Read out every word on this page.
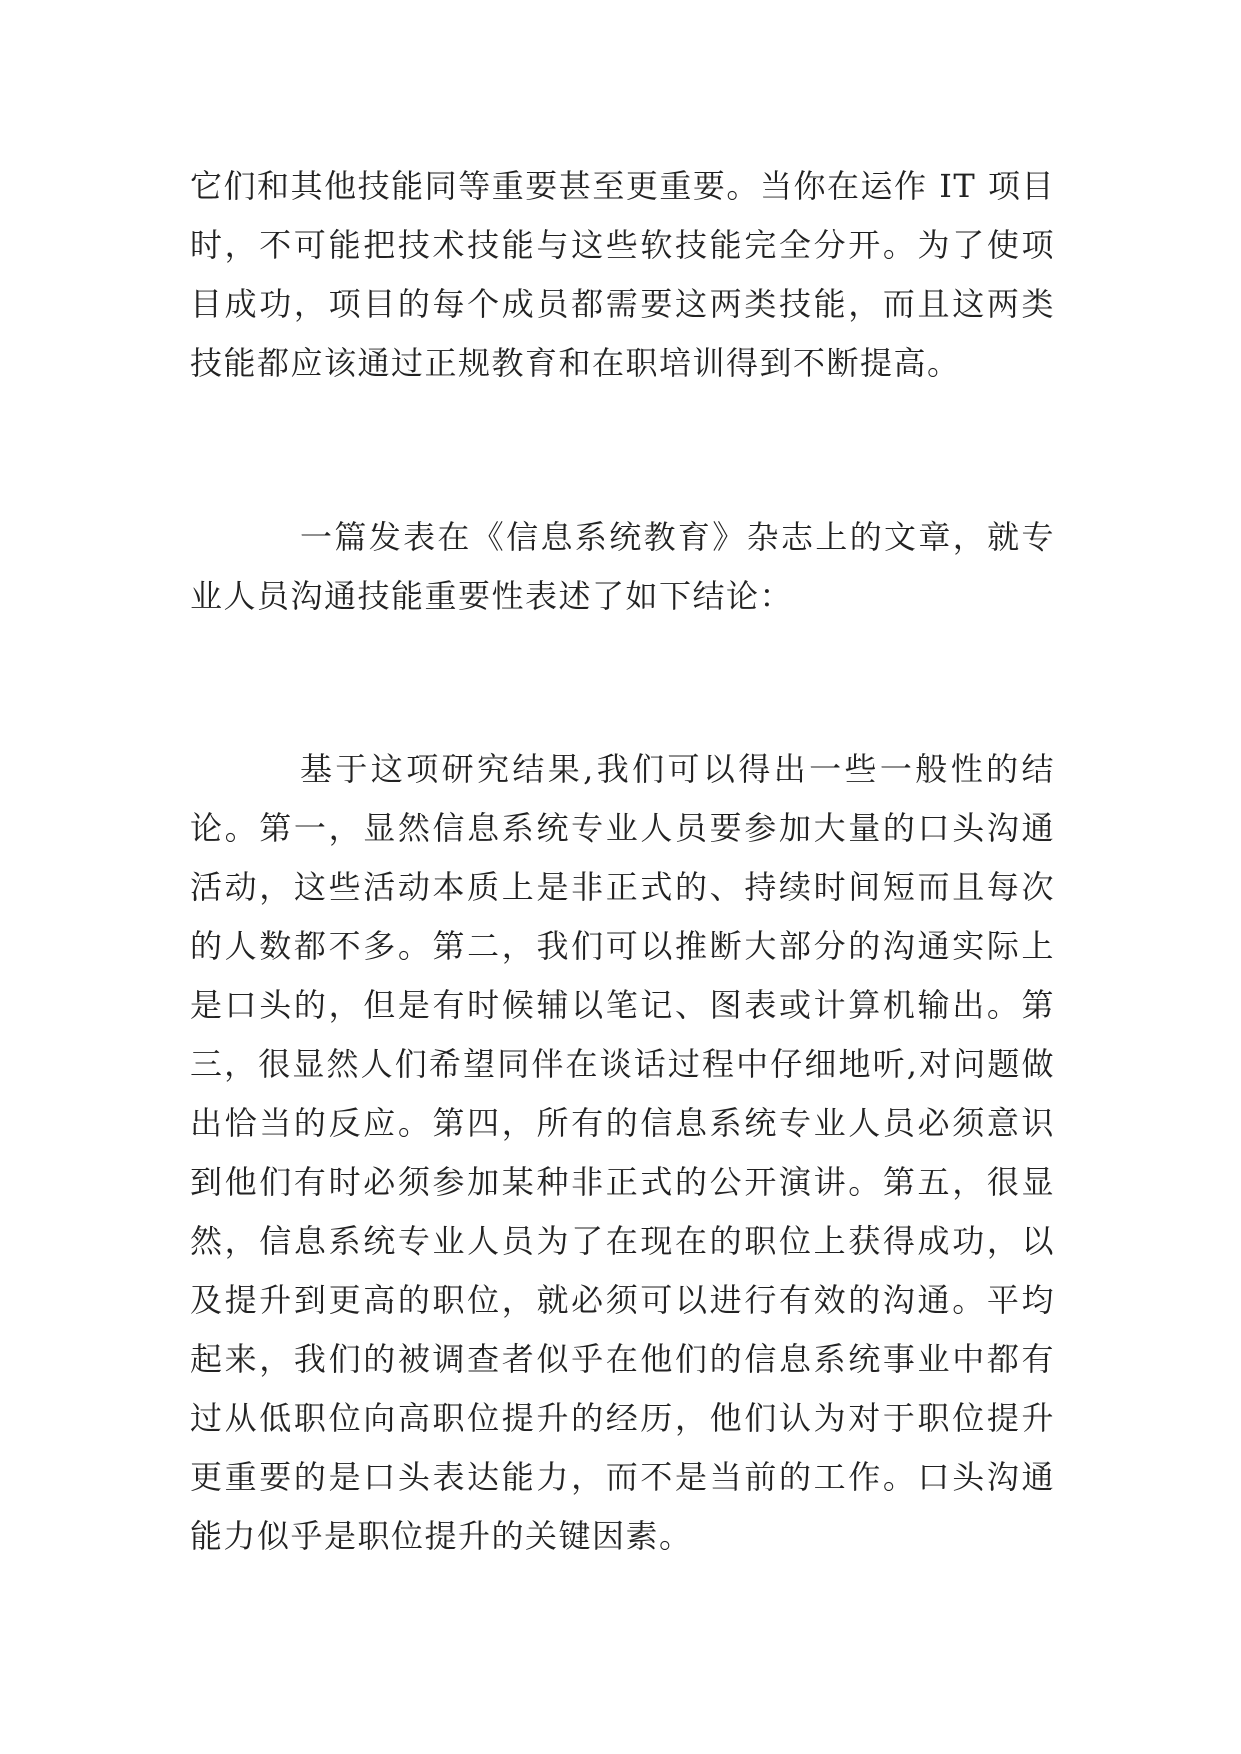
它们和其他技能同等重要甚至更重要。当你在运作 IT 项目时，不可能把技术技能与这些软技能完全分开。为了使项目成功，项目的每个成员都需要这两类技能，而且这两类技能都应该通过正规教育和在职培训得到不断提高。

一篇发表在《信息系统教育》杂志上的文章，就专业人员沟通技能重要性表述了如下结论：

基于这项研究结果,我们可以得出一些一般性的结论。第一，显然信息系统专业人员要参加大量的口头沟通活动，这些活动本质上是非正式的、持续时间短而且每次的人数都不多。第二，我们可以推断大部分的沟通实际上是口头的，但是有时候辅以笔记、图表或计算机输出。第三，很显然人们希望同伴在谈话过程中仔细地听,对问题做出恰当的反应。第四，所有的信息系统专业人员必须意识到他们有时必须参加某种非正式的公开演讲。第五，很显然，信息系统专业人员为了在现在的职位上获得成功，以及提升到更高的职位，就必须可以进行有效的沟通。平均起来，我们的被调查者似乎在他们的信息系统事业中都有过从低职位向高职位提升的经历，他们认为对于职位提升更重要的是口头表达能力，而不是当前的工作。口头沟通能力似乎是职位提升的关键因素。
